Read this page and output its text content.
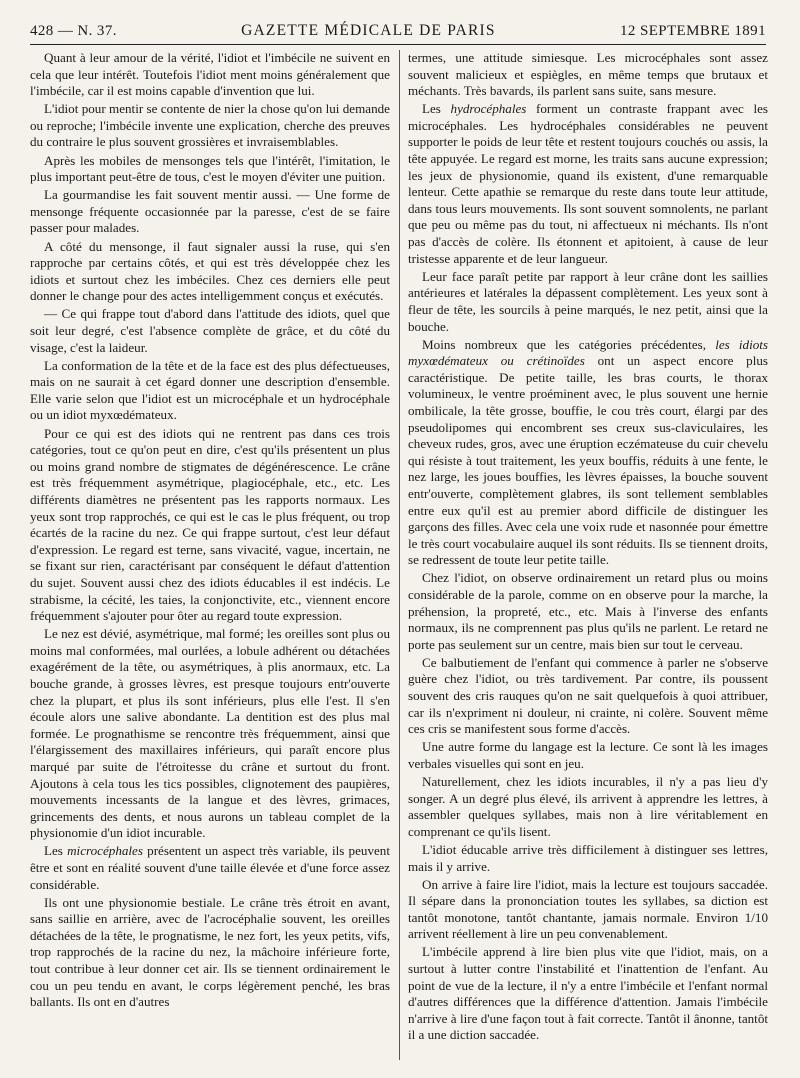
428 — N. 37.	GAZETTE MÉDICALE DE PARIS	12 SEPTEMBRE 1891

Quant à leur amour de la vérité, l'idiot et l'imbécile ne suivent en cela que leur intérêt. Toutefois l'idiot ment moins généralement que l'imbécile, car il est moins capable d'invention que lui.

L'idiot pour mentir se contente de nier la chose qu'on lui demande ou reproche; l'imbécile invente une explication, cherche des preuves du contraire le plus souvent grossières et invraisemblables.

Après les mobiles de mensonges tels que l'intérêt, l'imitation, le plus important peut-être de tous, c'est le moyen d'éviter une puition.

La gourmandise les fait souvent mentir aussi. — Une forme de mensonge fréquente occasionnée par la paresse, c'est de se faire passer pour malades.

A côté du mensonge, il faut signaler aussi la ruse, qui s'en rapproche par certains côtés, et qui est très développée chez les idiots et surtout chez les imbéciles. Chez ces derniers elle peut donner le change pour des actes intelligemment conçus et exécutés.

— Ce qui frappe tout d'abord dans l'attitude des idiots, quel que soit leur degré, c'est l'absence complète de grâce, et du côté du visage, c'est la laideur.

La conformation de la tête et de la face est des plus défectueuses, mais on ne saurait à cet égard donner une description d'ensemble. Elle varie selon que l'idiot est un microcéphale et un hydrocéphale ou un idiot myxœdémateux.

Pour ce qui est des idiots qui ne rentrent pas dans ces trois catégories, tout ce qu'on peut en dire, c'est qu'ils présentent un plus ou moins grand nombre de stigmates de dégénérescence. Le crâne est très fréquemment asymétrique, plagiocéphale, etc., etc. Les différents diamètres ne présentent pas les rapports normaux. Les yeux sont trop rapprochés, ce qui est le cas le plus fréquent, ou trop écartés de la racine du nez. Ce qui frappe surtout, c'est leur défaut d'expression. Le regard est terne, sans vivacité, vague, incertain, ne se fixant sur rien, caractérisant par conséquent le défaut d'attention du sujet. Souvent aussi chez des idiots éducables il est indécis. Le strabisme, la cécité, les taies, la conjonctivite, etc., viennent encore fréquemment s'ajouter pour ôter au regard toute expression.

Le nez est dévié, asymétrique, mal formé; les oreilles sont plus ou moins mal conformées, mal ourlées, a lobule adhérent ou détachées exagérément de la tête, ou asymétriques, à plis anormaux, etc. La bouche grande, à grosses lèvres, est presque toujours entr'ouverte chez la plupart, et plus ils sont inférieurs, plus elle l'est. Il s'en écoule alors une salive abondante. La dentition est des plus mal formée. Le prognathisme se rencontre très fréquemment, ainsi que l'élargissement des maxillaires inférieurs, qui paraît encore plus marqué par suite de l'étroitesse du crâne et surtout du front. Ajoutons à cela tous les tics possibles, clignotement des paupières, mouvements incessants de la langue et des lèvres, grimaces, grincements des dents, et nous aurons un tableau complet de la physionomie d'un idiot incurable.

Les microcéphales présentent un aspect très variable, ils peuvent être et sont en réalité souvent d'une taille élevée et d'une force assez considérable.

Ils ont une physionomie bestiale. Le crâne très étroit en avant, sans saillie en arrière, avec de l'acrocéphalie souvent, les oreilles détachées de la tête, le prognatisme, le nez fort, les yeux petits, vifs, trop rapprochés de la racine du nez, la mâchoire inférieure forte, tout contribue à leur donner cet air. Ils se tiennent ordinairement le cou un peu tendu en avant, le corps légèrement penché, les bras ballants. Ils ont en d'autres

termes, une attitude simiesque. Les microcéphales sont assez souvent malicieux et espiègles, en même temps que brutaux et méchants. Très bavards, ils parlent sans suite, sans mesure.

Les hydrocéphales forment un contraste frappant avec les microcéphales. Les hydrocéphales considérables ne peuvent supporter le poids de leur tête et restent toujours couchés ou assis, la tête appuyée. Le regard est morne, les traits sans aucune expression; les jeux de physionomie, quand ils existent, d'une remarquable lenteur. Cette apathie se remarque du reste dans toute leur attitude, dans tous leurs mouvements. Ils sont souvent somnolents, ne parlant que peu ou même pas du tout, ni affectueux ni méchants. Ils n'ont pas d'accès de colère. Ils étonnent et apitoient, à cause de leur tristesse apparente et de leur langueur.

Leur face paraît petite par rapport à leur crâne dont les saillies antérieures et latérales la dépassent complètement. Les yeux sont à fleur de tête, les sourcils à peine marqués, le nez petit, ainsi que la bouche.

Moins nombreux que les catégories précédentes, les idiots myxœdémateux ou crétinoïdes ont un aspect encore plus caractéristique. De petite taille, les bras courts, le thorax volumineux, le ventre proéminent avec, le plus souvent une hernie ombilicale, la tête grosse, bouffie, le cou très court, élargi par des pseudolipomes qui encombrent ses creux sus-claviculaires, les cheveux rudes, gros, avec une éruption eczémateuse du cuir chevelu qui résiste à tout traitement, les yeux bouffis, réduits à une fente, le nez large, les joues bouffies, les lèvres épaisses, la bouche souvent entr'ouverte, complètement glabres, ils sont tellement semblables entre eux qu'il est au premier abord difficile de distinguer les garçons des filles. Avec cela une voix rude et nasonnée pour émettre le très court vocabulaire auquel ils sont réduits. Ils se tiennent droits, se redressent de toute leur petite taille.

Chez l'idiot, on observe ordinairement un retard plus ou moins considérable de la parole, comme on en observe pour la marche, la préhension, la propreté, etc., etc. Mais à l'inverse des enfants normaux, ils ne comprennent pas plus qu'ils ne parlent. Le retard ne porte pas seulement sur un centre, mais bien sur tout le cerveau.

Ce balbutiement de l'enfant qui commence à parler ne s'observe guère chez l'idiot, ou très tardivement. Par contre, ils poussent souvent des cris rauques qu'on ne sait quelquefois à quoi attribuer, car ils n'expriment ni douleur, ni crainte, ni colère. Souvent même ces cris se manifestent sous forme d'accès.

Une autre forme du langage est la lecture. Ce sont là les images verbales visuelles qui sont en jeu.

Naturellement, chez les idiots incurables, il n'y a pas lieu d'y songer. A un degré plus élevé, ils arrivent à apprendre les lettres, à assembler quelques syllabes, mais non à lire véritablement en comprenant ce qu'ils lisent.

L'idiot éducable arrive très difficilement à distinguer ses lettres, mais il y arrive.

On arrive à faire lire l'idiot, mais la lecture est toujours saccadée. Il sépare dans la prononciation toutes les syllabes, sa diction est tantôt monotone, tantôt chantante, jamais normale. Environ 1/10 arrivent réellement à lire un peu convenablement.

L'imbécile apprend à lire bien plus vite que l'idiot, mais, on a surtout à lutter contre l'instabilité et l'inattention de l'enfant. Au point de vue de la lecture, il n'y a entre l'imbécile et l'enfant normal d'autres différences que la différence d'attention. Jamais l'imbécile n'arrive à lire d'une façon tout à fait correcte. Tantôt il ânonne, tantôt il a une diction saccadée.
